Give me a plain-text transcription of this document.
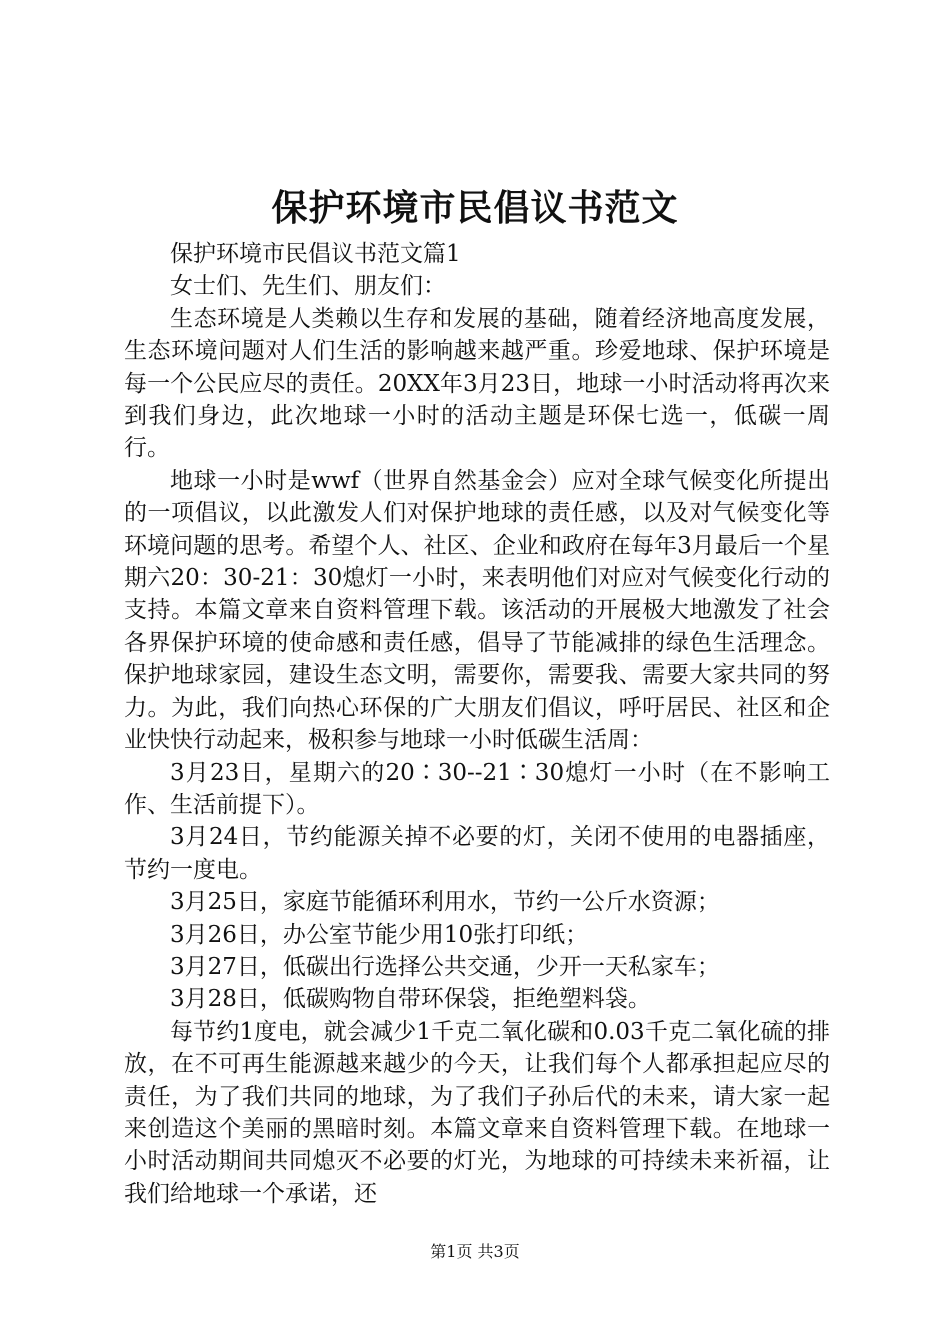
保护环境市民倡议书范文

保护环境市民倡议书范文篇1

女士们、先生们、朋友们：

生态环境是人类赖以生存和发展的基础，随着经济地高度发展，生态环境问题对人们生活的影响越来越严重。珍爱地球、保护环境是每一个公民应尽的责任。20XX年3月23日，地球一小时活动将再次来到我们身边，此次地球一小时的活动主题是环保七选一，低碳一周行。

地球一小时是wwf（世界自然基金会）应对全球气候变化所提出的一项倡议，以此激发人们对保护地球的责任感，以及对气候变化等环境问题的思考。希望个人、社区、企业和政府在每年3月最后一个星期六20：30-21：30熄灯一小时，来表明他们对应对气候变化行动的支持。本篇文章来自资料管理下载。该活动的开展极大地激发了社会各界保护环境的使命感和责任感，倡导了节能减排的绿色生活理念。保护地球家园，建设生态文明，需要你，需要我、需要大家共同的努力。为此，我们向热心环保的广大朋友们倡议，呼吁居民、社区和企业快快行动起来，极积参与地球一小时低碳生活周：

3月23日，星期六的20∶30--21∶30熄灯一小时（在不影响工作、生活前提下）。

3月24日，节约能源关掉不必要的灯，关闭不使用的电器插座，节约一度电。

3月25日，家庭节能循环利用水，节约一公斤水资源；

3月26日，办公室节能少用10张打印纸；

3月27日，低碳出行选择公共交通，少开一天私家车；

3月28日，低碳购物自带环保袋，拒绝塑料袋。

每节约1度电，就会减少1千克二氧化碳和0.03千克二氧化硫的排放，在不可再生能源越来越少的今天，让我们每个人都承担起应尽的责任，为了我们共同的地球，为了我们子孙后代的未来，请大家一起来创造这个美丽的黑暗时刻。本篇文章来自资料管理下载。在地球一小时活动期间共同熄灭不必要的灯光，为地球的可持续未来祈福，让我们给地球一个承诺，还

第1页 共3页
